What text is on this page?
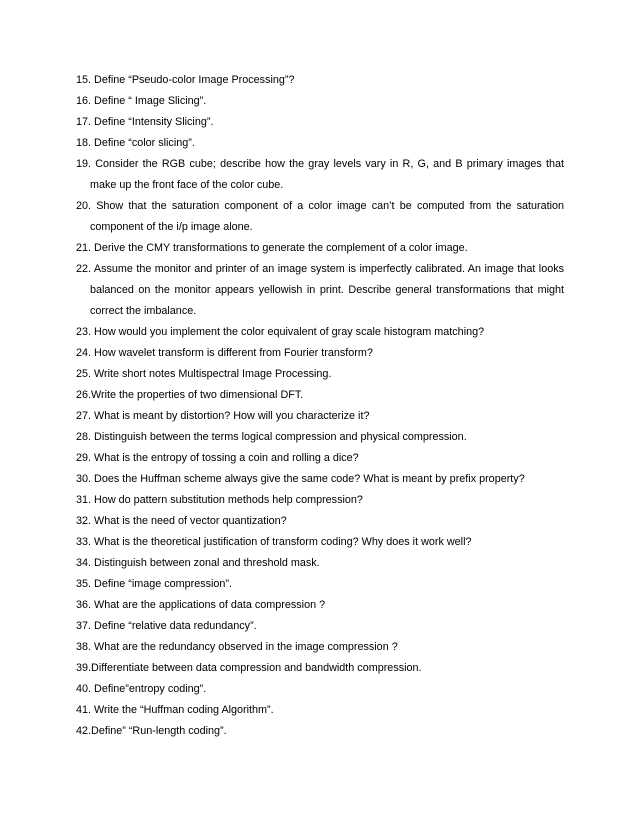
15. Define “Pseudo-color Image Processing”?
16. Define “ Image Slicing”.
17. Define “Intensity Slicing”.
18. Define “color slicing”.
19. Consider the RGB cube; describe how the gray levels vary in R, G, and B primary images that make up the front face of the color cube.
20. Show that the saturation component of a color image can’t be computed from the saturation component of the i/p image alone.
21. Derive the CMY transformations to generate the complement of a color image.
22. Assume the monitor and printer of an image system is imperfectly calibrated. An image that looks balanced on the monitor appears yellowish in print. Describe general transformations that might correct the imbalance.
23. How would you implement the color equivalent of gray scale histogram matching?
24. How wavelet transform is different from Fourier transform?
25. Write short notes Multispectral Image Processing.
26.Write the properties of two dimensional DFT.
27. What is meant by distortion? How will you characterize it?
28. Distinguish between the terms logical compression and physical compression.
29. What is the entropy of tossing a coin and rolling a dice?
30. Does the Huffman scheme always give the same code? What is meant by prefix property?
31. How do pattern substitution methods help compression?
32. What is the need of vector quantization?
33. What is the theoretical justification of transform coding? Why does it work well?
34. Distinguish between zonal and threshold mask.
35. Define “image compression”.
36. What are the applications of data compression ?
37. Define “relative data redundancy”.
38. What are the redundancy observed in the image compression ?
39.Differentiate between data compression and bandwidth compression.
40. Define”entropy coding”.
41. Write the “Huffman coding Algorithm”.
42.Define” “Run-length coding”.
